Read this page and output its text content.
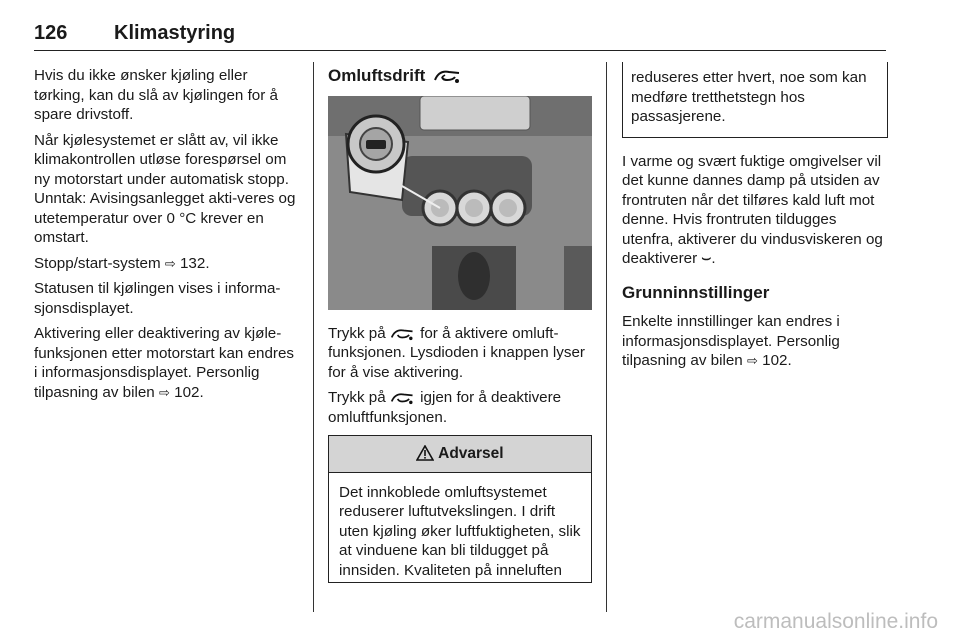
126 Klimastyring

Hvis du ikke ønsker kjøling eller tørking, kan du slå av kjølingen for å spare drivstoff.

Når kjølesystemet er slått av, vil ikke klimakontrollen utløse forespørsel om ny motorstart under automatisk stopp. Unntak: Avisingsanlegget akti-veres og utetemperatur over 0 °C krever en omstart.

Stopp/start-system ⇨ 132.

Statusen til kjølingen vises i informa-sjonsdisplayet.

Aktivering eller deaktivering av kjøle-funksjonen etter motorstart kan endres i informasjonsdisplayet. Personlig tilpasning av bilen ⇨ 102.

Omluftsdrift

Trykk på for å aktivere omluft-funksjonen. Lysdioden i knappen lyser for å vise aktivering.

Trykk på igjen for å deaktivere omluftfunksjonen.

Advarsel
Det innkoblede omluftsystemet reduserer luftutvekslingen. I drift uten kjøling øker luftfuktigheten, slik at vinduene kan bli tildugget på innsiden. Kvaliteten på inneluften
reduseres etter hvert, noe som kan medføre tretthetstegn hos passasjerene.

I varme og svært fuktige omgivelser vil det kunne dannes damp på utsiden av frontruten når det tilføres kald luft mot denne. Hvis frontruten tildugges utenfra, aktiverer du vindusviskeren og deaktiverer ⌣.

Grunninnstillinger

Enkelte innstillinger kan endres i informasjonsdisplayet. Personlig tilpasning av bilen ⇨ 102.

carmanualsonline.info
